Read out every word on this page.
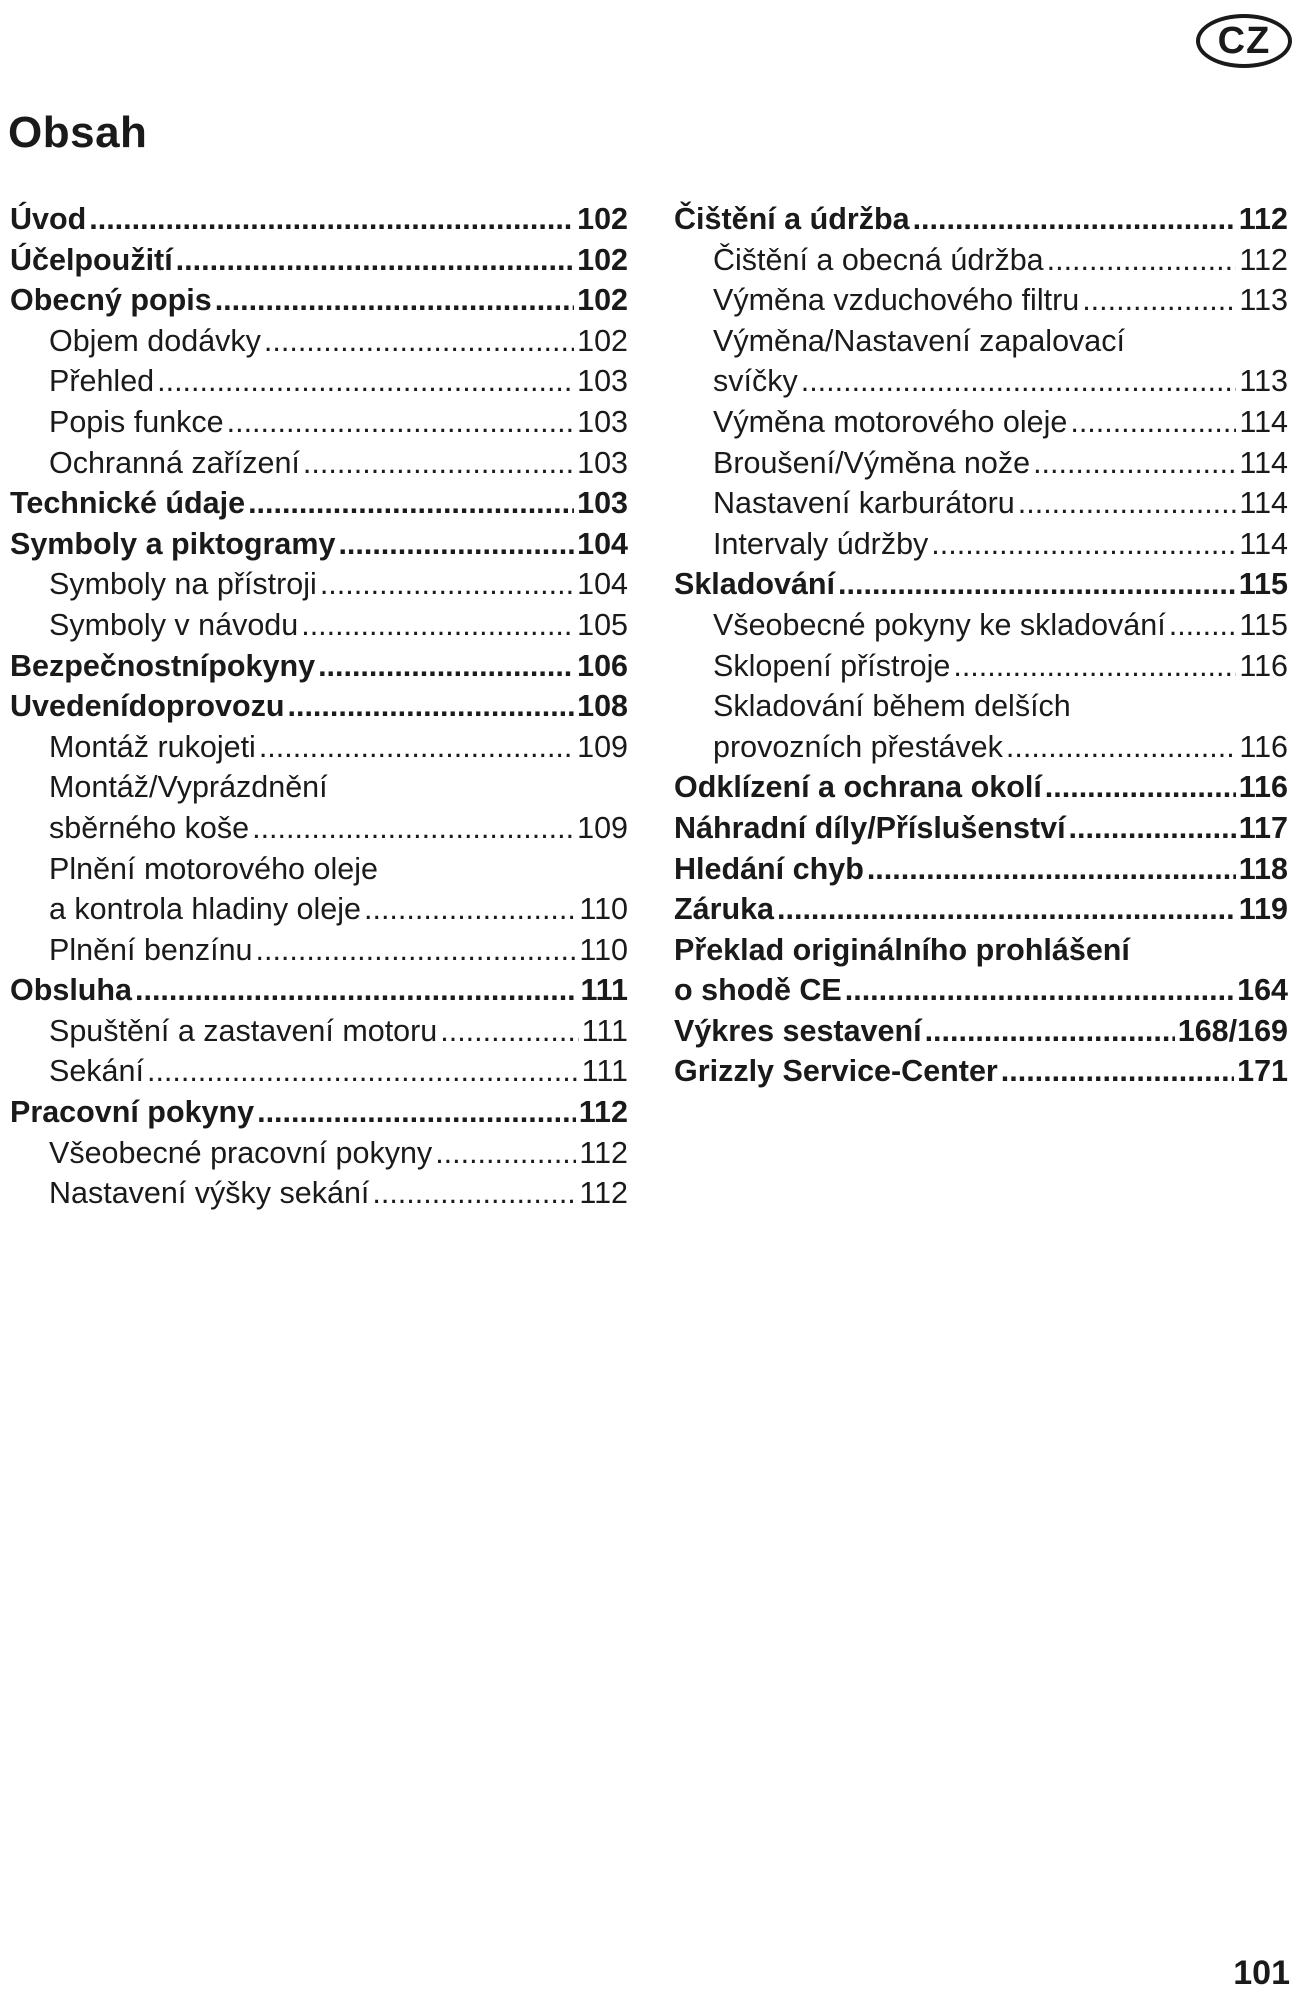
CZ
Obsah
Úvod .....	102
Účelpoužití .....	102
Obecný popis .....	102
Objem dodávky .....	102
Přehled .....	103
Popis funkce .....	103
Ochranná zařízení .....	103
Technické údaje .....	103
Symboly a piktogramy .....	104
Symboly na přístroji .....	104
Symboly v návodu .....	105
Bezpečnostnípokyny .....	106
Uvedenídoprovozu .....	108
Montáž rukojeti .....	109
Montáž/Vyprázdnění
sběrného koše .....	109
Plnění motorového oleje
a kontrola hladiny oleje .....	110
Plnění benzínu .....	110
Obsluha .....	111
Spuštění a zastavení motoru .....	111
Sekání .....	111
Pracovní pokyny .....	112
Všeobecné pracovní pokyny .....	112
Nastavení výšky sekání .....	112
Čištění a údržba .....	112
Čištění a obecná údržba .....	112
Výměna vzduchového filtru .....	113
Výměna/Nastavení zapalovací
svíčky .....	113
Výměna motorového oleje .....	114
Broušení/Výměna nože .....	114
Nastavení karburátoru .....	114
Intervaly údržby .....	114
Skladování .....	115
Všeobecné pokyny ke skladování ..... 115
Sklopení přístroje .....	116
Skladování během delších
provozních přestávek .....	116
Odklízení a ochrana okolí .....	116
Náhradní díly/Příslušenství .....	117
Hledání chyb .....	118
Záruka .....	119
Překlad originálního prohlášení
o shodě CE .....	164
Výkres sestavení .....	168/169
Grizzly Service-Center .....	171
101
